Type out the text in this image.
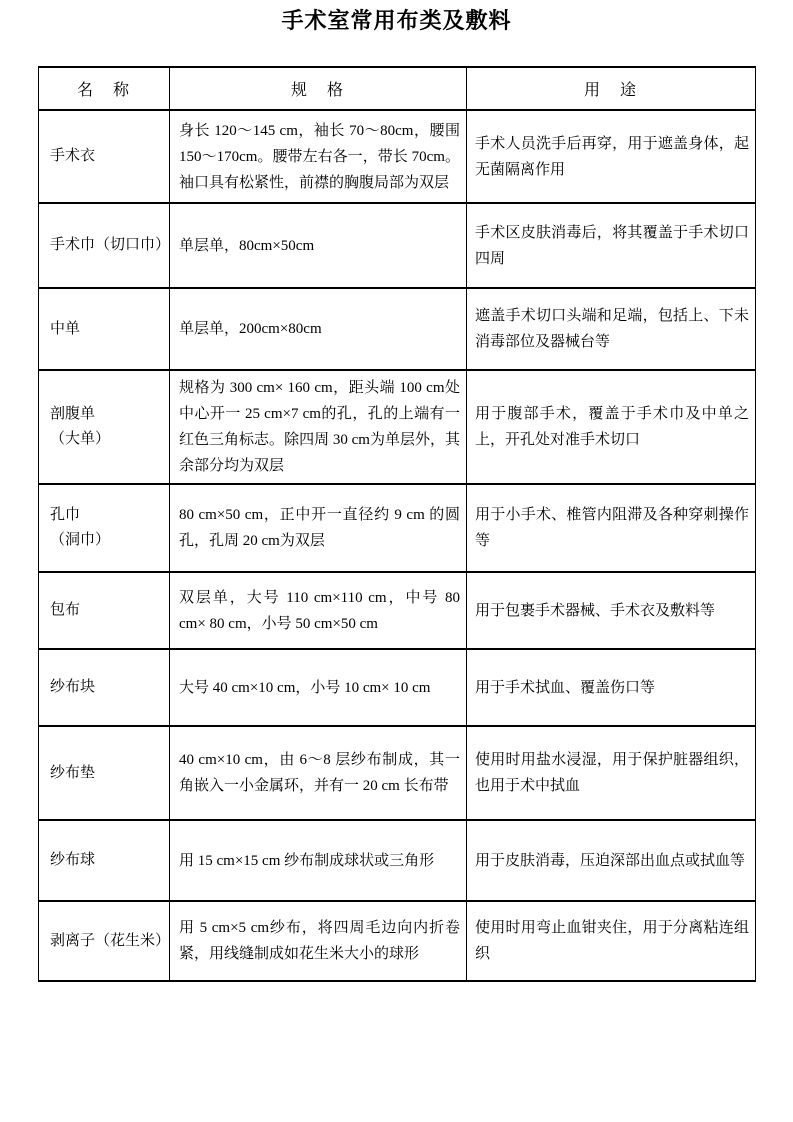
手术室常用布类及敷料
名　称	规　格	用　途

手术衣	身长 120～145 cm，袖长 70～80cm，腰围 150～170cm。腰带左右各一，带长 70cm。袖口具有松紧性，前襟的胸腹局部为双层	手术人员洗手后再穿，用于遮盖身体，起无菌隔离作用

手术巾（切口巾）	单层单，80cm×50cm	手术区皮肤消毒后，将其覆盖于手术切口四周

中单	单层单，200cm×80cm	遮盖手术切口头端和足端，包括上、下未消毒部位及器械台等

剖腹单
（大单）	规格为 300 cm× 160 cm，距头端 100 cm处中心开一 25 cm×7 cm的孔，孔的上端有一红色三角标志。除四周 30 cm为单层外，其余部分均为双层	用于腹部手术，覆盖于手术巾及中单之上，开孔处对准手术切口

孔巾
（洞巾）	80 cm×50 cm，正中开一直径约 9 cm 的圆孔，孔周 20 cm为双层	用于小手术、椎管内阻滞及各种穿刺操作等

包布	双层单，大号 110 cm×110 cm，中号 80 cm× 80 cm，小号 50 cm×50 cm	用于包裹手术器械、手术衣及敷料等

纱布块	大号 40 cm×10 cm，小号 10 cm× 10 cm	用于手术拭血、覆盖伤口等

纱布垫	40 cm×10 cm，由 6～8 层纱布制成，其一角嵌入一小金属环，并有一 20 cm 长布带	使用时用盐水浸湿，用于保护脏器组织，也用于术中拭血

纱布球	用 15 cm×15 cm 纱布制成球状或三角形	用于皮肤消毒，压迫深部出血点或拭血等

剥离子（花生米）	用 5 cm×5 cm纱布，将四周毛边向内折卷紧，用线缝制成如花生米大小的球形	使用时用弯止血钳夹住，用于分离粘连组织
